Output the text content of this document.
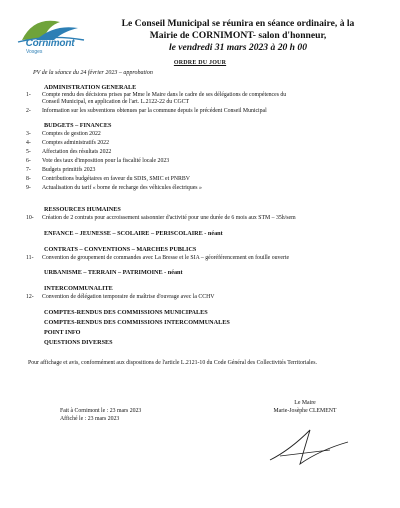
Cornimont
Vosges
Le Conseil Municipal se réunira en séance ordinaire, à la
Mairie de CORNIMONT- salon d'honneur,
le vendredi 31 mars 2023 à 20 h 00
ORDRE DU JOUR
PV de la séance du 24 février 2023 – approbation
ADMINISTRATION GENERALE
1- Compte rendu des décisions prises par Mme le Maire dans le cadre de ses délégations de compétences du
Conseil Municipal, en application de l'art. L.2122-22 du CGCT
2- Information sur les subventions obtenues par la commune depuis le précédent Conseil Municipal
BUDGETS – FINANCES
3- Comptes de gestion 2022
4- Comptes administratifs 2022
5- Affectation des résultats 2022
6- Vote des taux d'imposition pour la fiscalité locale 2023
7- Budgets primitifs 2023
8- Contributions budgétaires en faveur du SDIS, SMIC et PNRBV
9- Actualisation du tarif « borne de recharge des véhicules électriques »
RESSOURCES HUMAINES
10- Création de 2 contrats pour accroissement saisonnier d'activité pour une durée de 6 mois aux STM – 35h/sem
ENFANCE – JEUNESSE – SCOLAIRE – PERISCOLAIRE - néant
CONTRATS – CONVENTIONS – MARCHES PUBLICS
11- Convention de groupement de commandes avec La Bresse et le SIA – géoréférencement en fouille ouverte
URBANISME – TERRAIN – PATRIMOINE - néant
INTERCOMMUNALITE
12- Convention de délégation temporaire de maîtrise d'ouvrage avec la CCHV
COMPTES-RENDUS DES COMMISSIONS MUNICIPALES
COMPTES-RENDUS DES COMMISSIONS INTERCOMMUNALES
POINT INFO
QUESTIONS DIVERSES
Pour affichage et avis, conformément aux dispositions de l'article L.2121-10 du Code Général des Collectivités Territoriales.
Fait à Cornimont le : 23 mars 2023
Affiché le : 23 mars 2023
Le Maire
Marie-Josèphe CLEMENT
